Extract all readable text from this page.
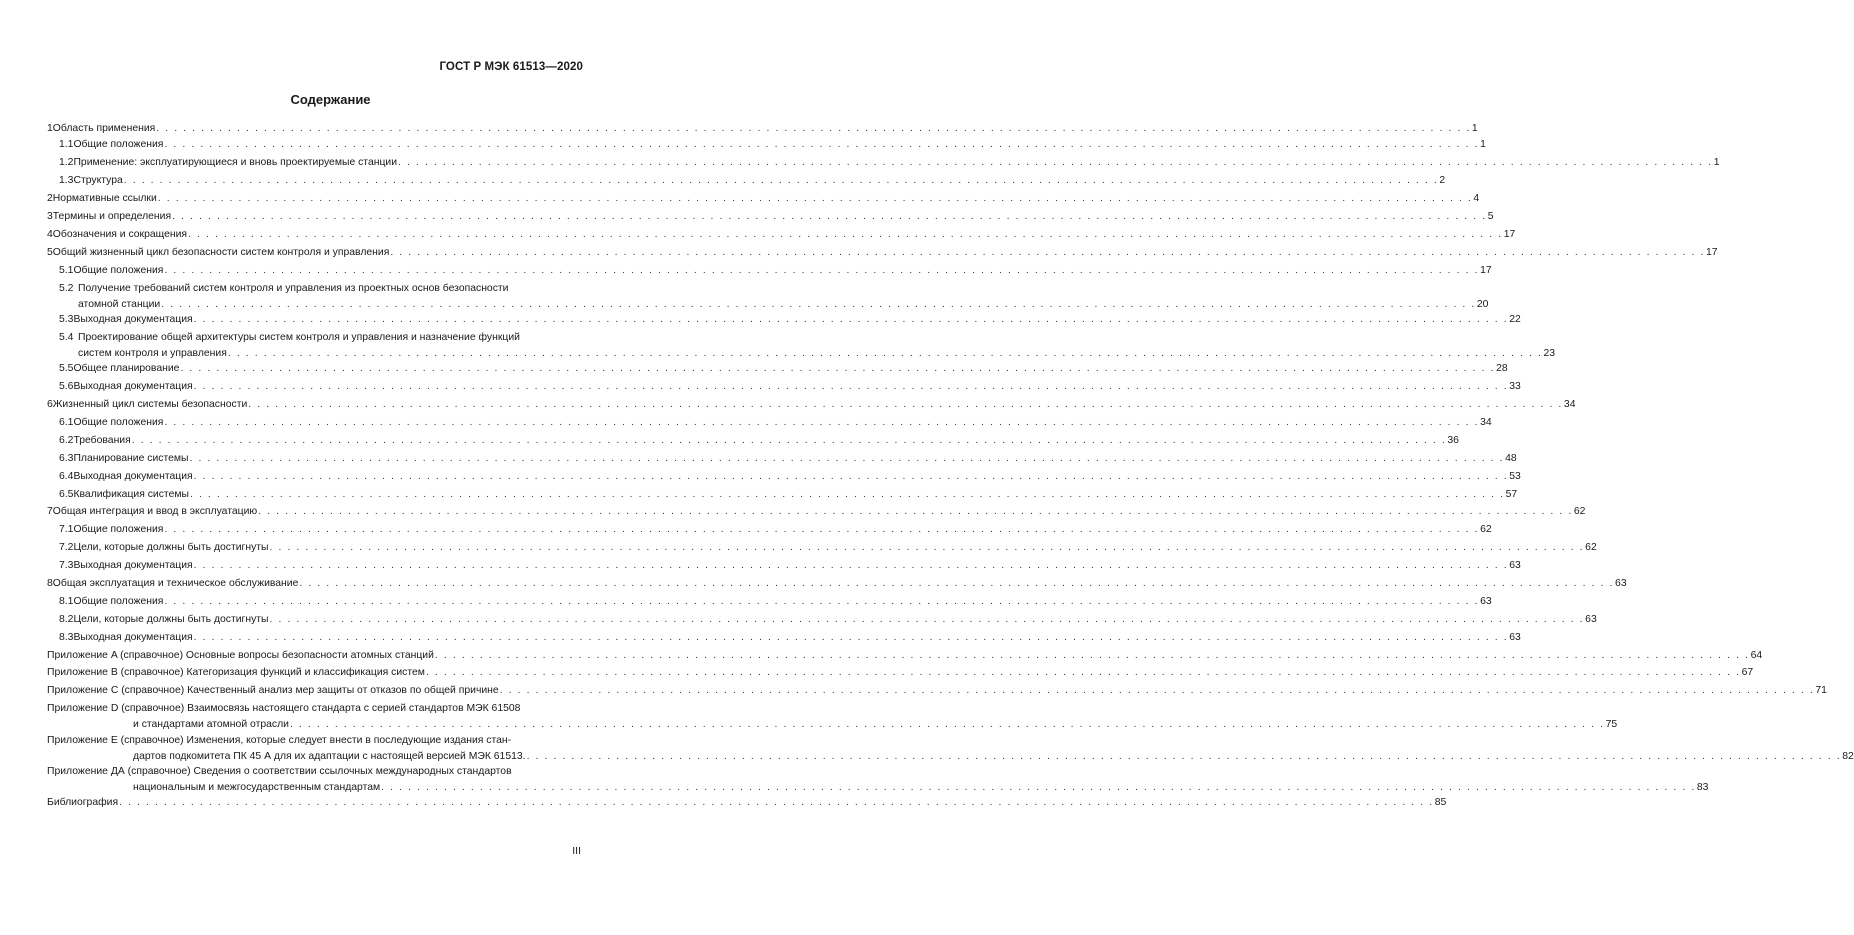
ГОСТ Р МЭК 61513—2020
Содержание
1 Область применения . . .	1
1.1 Общие положения . . .	1
1.2 Применение: эксплуатирующиеся и вновь проектируемые станции . . .	1
1.3 Структура . . .	2
2 Нормативные ссылки . . .	4
3 Термины и определения . . .	5
4 Обозначения и сокращения . . .	17
5 Общий жизненный цикл безопасности систем контроля и управления . . .	17
5.1 Общие положения . . .	17
5.2 Получение требований систем контроля и управления из проектных основ безопасности
атомной станции . . .	20
5.3 Выходная документация . . .	22
5.4 Проектирование общей архитектуры систем контроля и управления и назначение функций
систем контроля и управления . . .	23
5.5 Общее планирование . . .	28
5.6 Выходная документация . . .	33
6 Жизненный цикл системы безопасности . . .	34
6.1 Общие положения . . .	34
6.2 Требования . . .	36
6.3 Планирование системы . . .	48
6.4 Выходная документация . . .	53
6.5 Квалификация системы . . .	57
7 Общая интеграция и ввод в эксплуатацию . . .	62
7.1 Общие положения . . .	62
7.2 Цели, которые должны быть достигнуты . . .	62
7.3 Выходная документация . . .	63
8 Общая эксплуатация и техническое обслуживание . . .	63
8.1 Общие положения . . .	63
8.2 Цели, которые должны быть достигнуты . . .	63
8.3 Выходная документация . . .	63
Приложение A (справочное) Основные вопросы безопасности атомных станций . . .	64
Приложение B (справочное) Категоризация функций и классификация систем . . .	67
Приложение C (справочное) Качественный анализ мер защиты от отказов по общей причине . . .	71
Приложение D (справочное) Взаимосвязь настоящего стандарта с серией стандартов МЭК 61508
и стандартами атомной отрасли . . .	75
Приложение E (справочное) Изменения, которые следует внести в последующие издания стан-
дартов подкомитета ПК 45 А для их адаптации с настоящей версией МЭК 61513. . . .	82
Приложение ДА (справочное) Сведения о соответствии ссылочных международных стандартов
национальным и межгосударственным стандартам . . .	83
Библиография . . .	85
III
